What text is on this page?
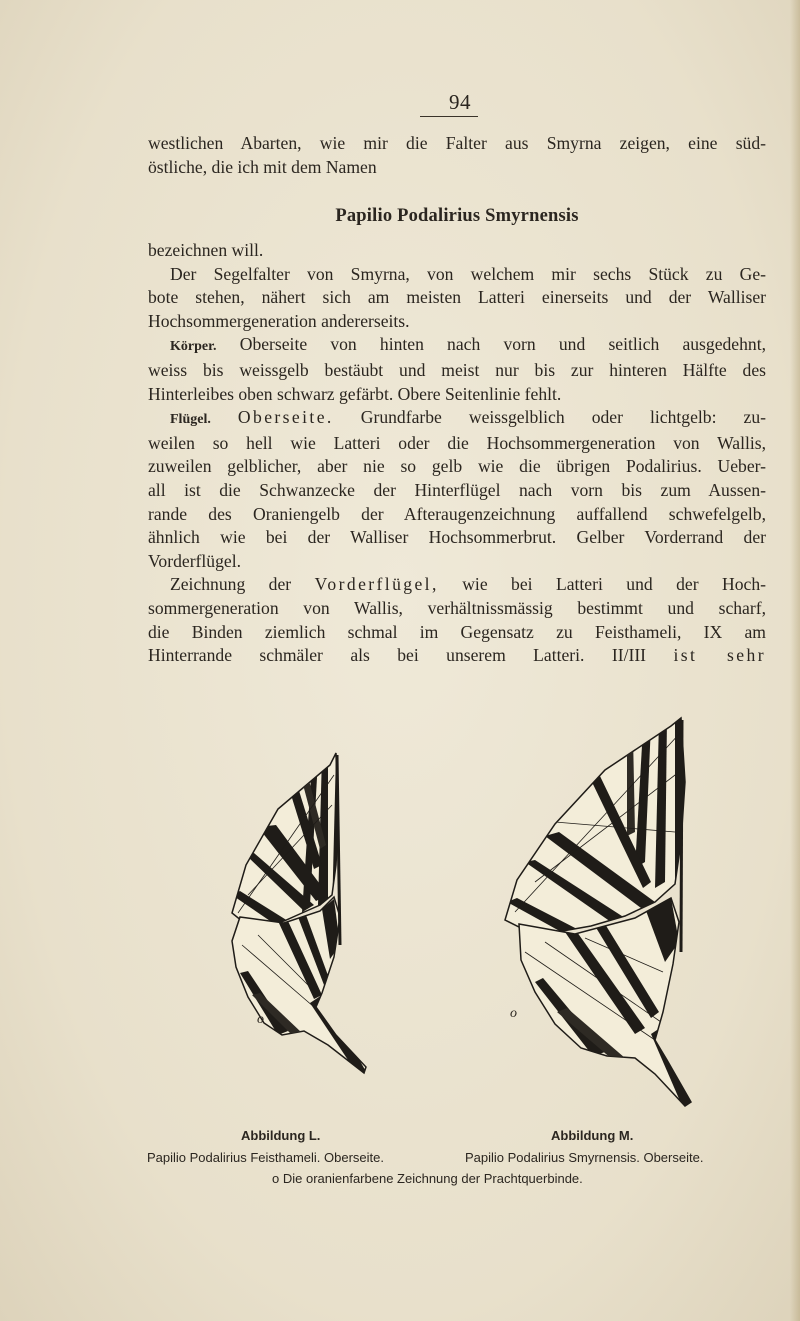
94
westlichen Abarten, wie mir die Falter aus Smyrna zeigen, eine süd-
östliche, die ich mit dem Namen
Papilio Podalirius Smyrnensis
bezeichnen will.
Der Segelfalter von Smyrna, von welchem mir sechs Stück zu Ge-
bote stehen, nähert sich am meisten Latteri einerseits und der Walliser
Hochsommergeneration andererseits.
Körper. Oberseite von hinten nach vorn und seitlich ausgedehnt,
weiss bis weissgelb bestäubt und meist nur bis zur hinteren Hälfte des
Hinterleibes oben schwarz gefärbt. Obere Seitenlinie fehlt.
Flügel. Oberseite. Grundfarbe weissgelblich oder lichtgelb: zu-
weilen so hell wie Latteri oder die Hochsommergeneration von Wallis,
zuweilen gelblicher, aber nie so gelb wie die übrigen Podalirius. Ueber-
all ist die Schwanzecke der Hinterflügel nach vorn bis zum Aussen-
rande des Oraniengelb der Afteraugenzeichnung auffallend schwefelgelb,
ähnlich wie bei der Walliser Hochsommerbrut. Gelber Vorderrand der
Vorderflügel.
Zeichnung der Vorderflügel, wie bei Latteri und der Hoch-
sommergeneration von Wallis, verhältnissmässig bestimmt und scharf,
die Binden ziemlich schmal im Gegensatz zu Feisthameli, IX am
Hinterrande schmäler als bei unserem Latteri. II/III ist sehr
o	o
Abbildung L.	Abbildung M.
Papilio Podalirius Feisthameli. Oberseite.	Papilio Podalirius Smyrnensis. Oberseite.
o Die oranienfarbene Zeichnung der Prachtquerbinde.
